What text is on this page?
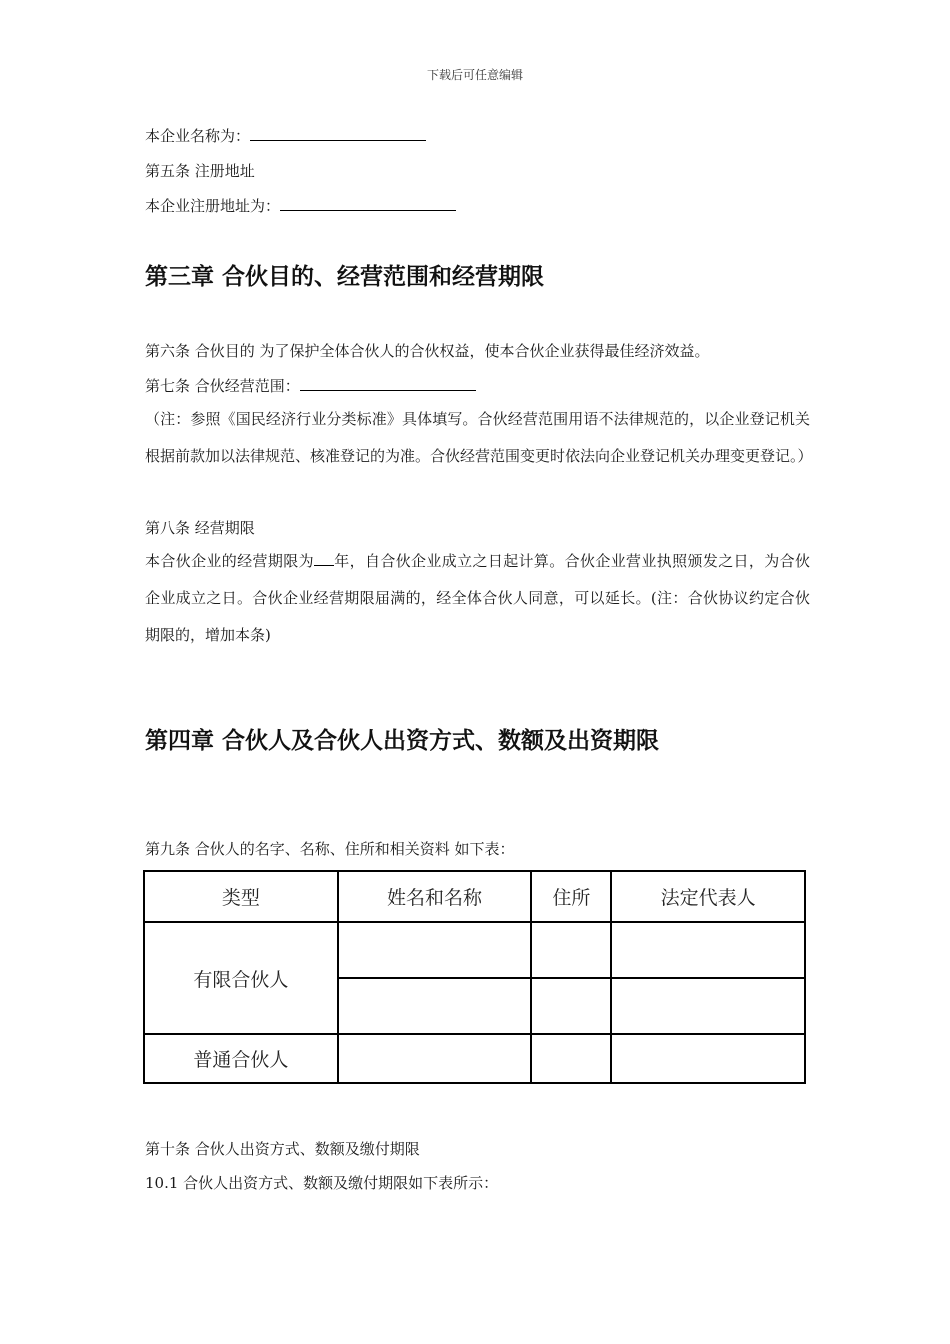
下载后可任意编辑
本企业名称为：
第五条 注册地址
本企业注册地址为：
第三章 合伙目的、经营范围和经营期限
第六条 合伙目的 为了保护全体合伙人的合伙权益，使本合伙企业获得最佳经济效益。
第七条 合伙经营范围：
（注：参照《国民经济行业分类标准》具体填写。合伙经营范围用语不法律规范的，以企业登记机关根据前款加以法律规范、核准登记的为准。合伙经营范围变更时依法向企业登记机关办理变更登记。）
第八条 经营期限
本合伙企业的经营期限为 年，自合伙企业成立之日起计算。合伙企业营业执照颁发之日，为合伙企业成立之日。合伙企业经营期限届满的，经全体合伙人同意，可以延长。(注：合伙协议约定合伙期限的，增加本条)
第四章 合伙人及合伙人出资方式、数额及出资期限
第九条 合伙人的名字、名称、住所和相关资料 如下表：
类型	姓名和名称	住所	法定代表人
有限合伙人			

普通合伙人			
第十条 合伙人出资方式、数额及缴付期限
10.1 合伙人出资方式、数额及缴付期限如下表所示：
